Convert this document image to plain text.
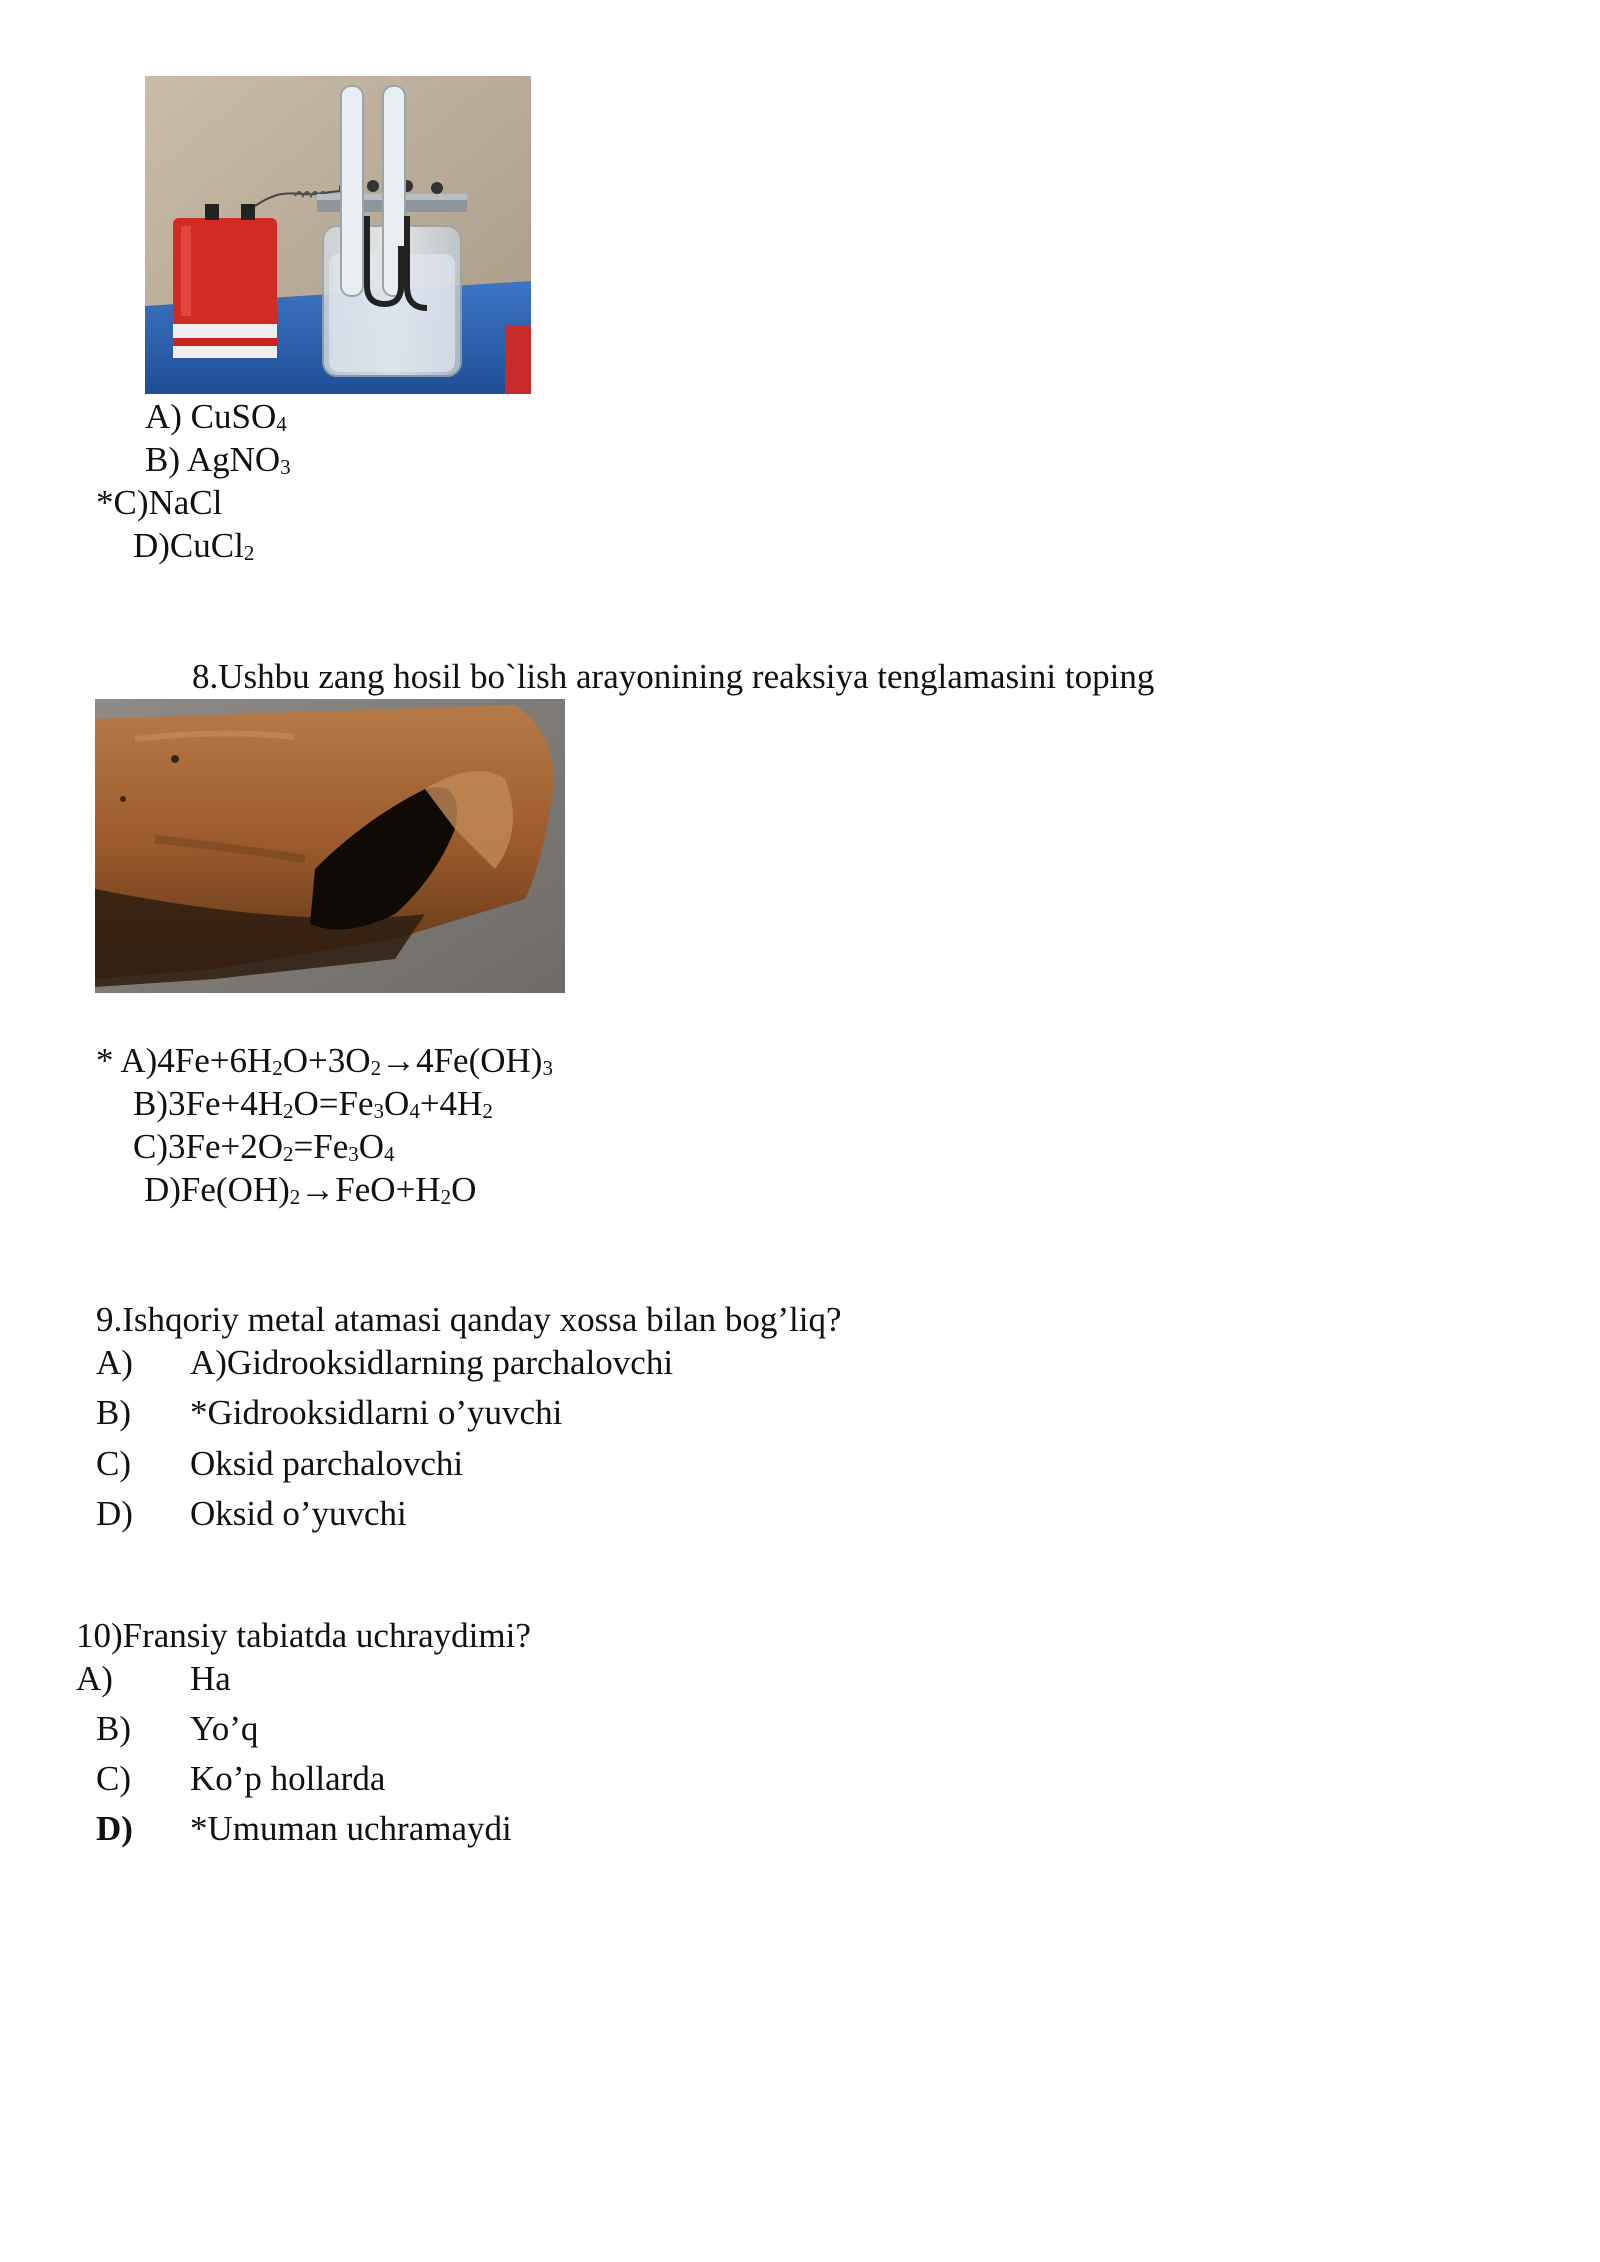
A) CuSO$_4$
B) AgNO$_3$
*C)NaCl
D)CuCl$_2$
8.Ushbu zang hosil bo`lish arayonining reaksiya tenglamasini toping
* $A)4Fe+6H_2O+3O_2\to 4Fe(OH)_3$
$B)3Fe+4H_2O=Fe_3O_4+4H_2$
$C)3Fe+2O_2=Fe_3O_4$
$D)Fe(OH)_2\to FeO+H_2O$
9.Ishqoriy metal atamasi qanday xossa bilan bog’liq?
A) A)Gidrooksidlarning parchalovchi
B) *Gidrooksidlarni o’yuvchi
C) Oksid parchalovchi
D) Oksid o’yuvchi
10)Fransiy tabiatda uchraydimi?
A) Ha
B) Yo’q
C) Ko’p hollarda
D) *Umuman uchramaydi
